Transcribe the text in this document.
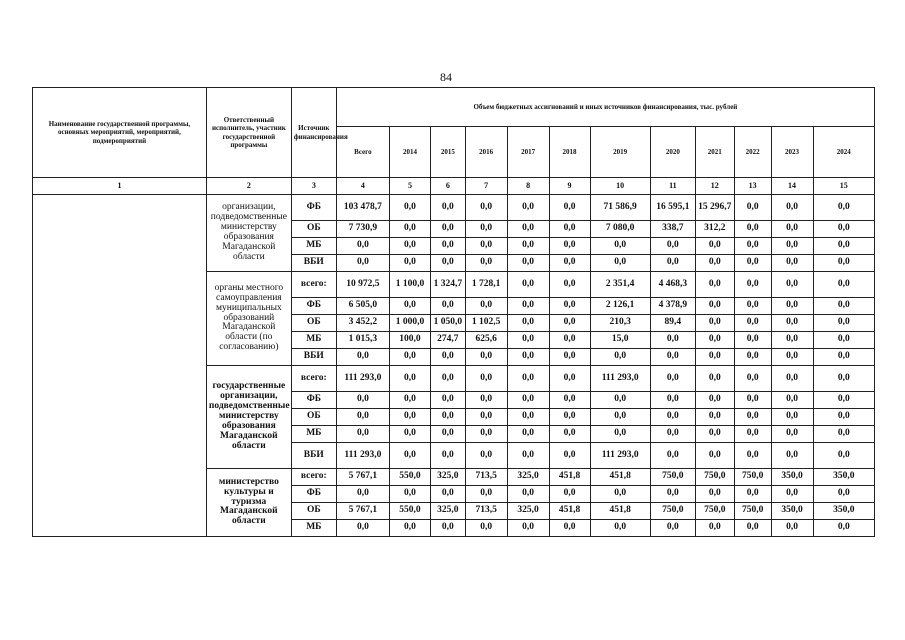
84
Наименование государственной программы, основных мероприятий, мероприятий, подмероприятий	Ответственный исполнитель, участник государственной программы	Источник финансирования	Объем бюджетных ассигнований и иных источников финансирования, тыс. рублей											
			Всего	2014	2015	2016	2017	2018	2019	2020	2021	2022	2023	2024
1	2	3	4	5	6	7	8	9	10	11	12	13	14	15
	организации, подведомственные министерству образования Магаданской области	ФБ	103 478,7	0,0	0,0	0,0	0,0	0,0	71 586,9	16 595,1	15 296,7	0,0	0,0	0,0
		ОБ	7 730,9	0,0	0,0	0,0	0,0	0,0	7 080,0	338,7	312,2	0,0	0,0	0,0
		МБ	0,0	0,0	0,0	0,0	0,0	0,0	0,0	0,0	0,0	0,0	0,0	0,0
		ВБИ	0,0	0,0	0,0	0,0	0,0	0,0	0,0	0,0	0,0	0,0	0,0	0,0
	органы местного самоуправления муниципальных образований Магаданской области (по согласованию)	всего:	10 972,5	1 100,0	1 324,7	1 728,1	0,0	0,0	2 351,4	4 468,3	0,0	0,0	0,0	0,0
		ФБ	6 505,0	0,0	0,0	0,0	0,0	0,0	2 126,1	4 378,9	0,0	0,0	0,0	0,0
		ОБ	3 452,2	1 000,0	1 050,0	1 102,5	0,0	0,0	210,3	89,4	0,0	0,0	0,0	0,0
		МБ	1 015,3	100,0	274,7	625,6	0,0	0,0	15,0	0,0	0,0	0,0	0,0	0,0
		ВБИ	0,0	0,0	0,0	0,0	0,0	0,0	0,0	0,0	0,0	0,0	0,0	0,0
	государственные организации, подведомственные министерству образования Магаданской области	всего:	111 293,0	0,0	0,0	0,0	0,0	0,0	111 293,0	0,0	0,0	0,0	0,0	0,0
		ФБ	0,0	0,0	0,0	0,0	0,0	0,0	0,0	0,0	0,0	0,0	0,0	0,0
		ОБ	0,0	0,0	0,0	0,0	0,0	0,0	0,0	0,0	0,0	0,0	0,0	0,0
		МБ	0,0	0,0	0,0	0,0	0,0	0,0	0,0	0,0	0,0	0,0	0,0	0,0
		ВБИ	111 293,0	0,0	0,0	0,0	0,0	0,0	111 293,0	0,0	0,0	0,0	0,0	0,0
	министерство культуры и туризма Магаданской области	всего:	5 767,1	550,0	325,0	713,5	325,0	451,8	451,8	750,0	750,0	750,0	350,0	350,0
		ФБ	0,0	0,0	0,0	0,0	0,0	0,0	0,0	0,0	0,0	0,0	0,0	0,0
		ОБ	5 767,1	550,0	325,0	713,5	325,0	451,8	451,8	750,0	750,0	750,0	350,0	350,0
		МБ	0,0	0,0	0,0	0,0	0,0	0,0	0,0	0,0	0,0	0,0	0,0	0,0
